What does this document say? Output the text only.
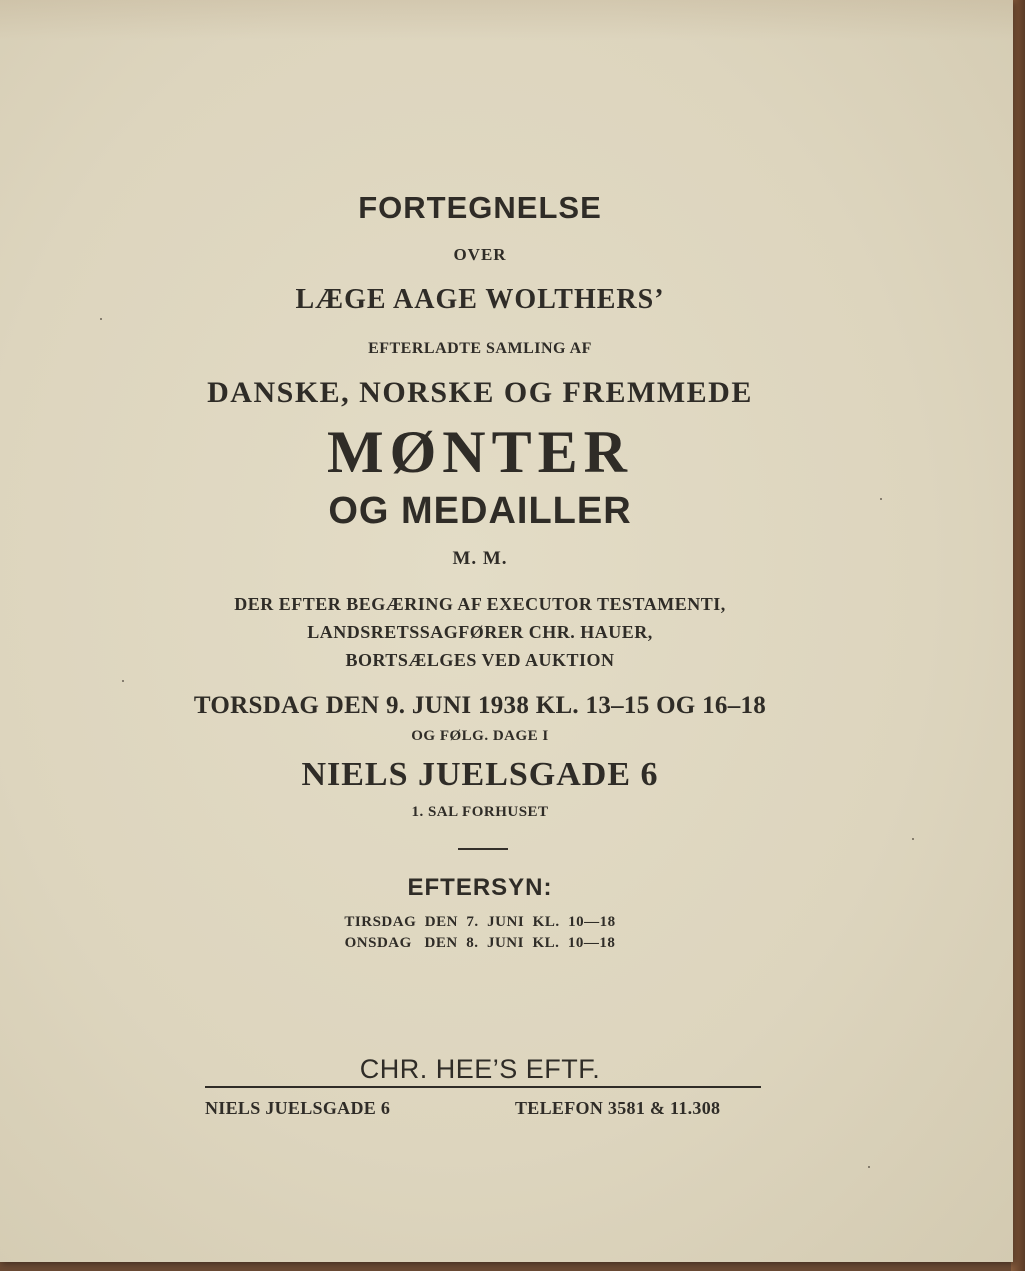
FORTEGNELSE
OVER
LÆGE AAGE WOLTHERS’
EFTERLADTE SAMLING AF
DANSKE, NORSKE OG FREMMEDE
MØNTER
OG MEDAILLER
M. M.
DER EFTER BEGÆRING AF EXECUTOR TESTAMENTI,
LANDSRETSSAGFØRER CHR. HAUER,
BORTSÆLGES VED AUKTION
TORSDAG DEN 9. JUNI 1938 KL. 13–15 OG 16–18
OG FØLG. DAGE I
NIELS JUELSGADE 6
1. SAL FORHUSET
EFTERSYN:
TIRSDAG  DEN  7.  JUNI  KL.  10—18
ONSDAG   DEN  8.  JUNI  KL.  10—18
CHR. HEE’S EFTF.
NIELS JUELSGADE 6	TELEFON 3581 & 11.308
